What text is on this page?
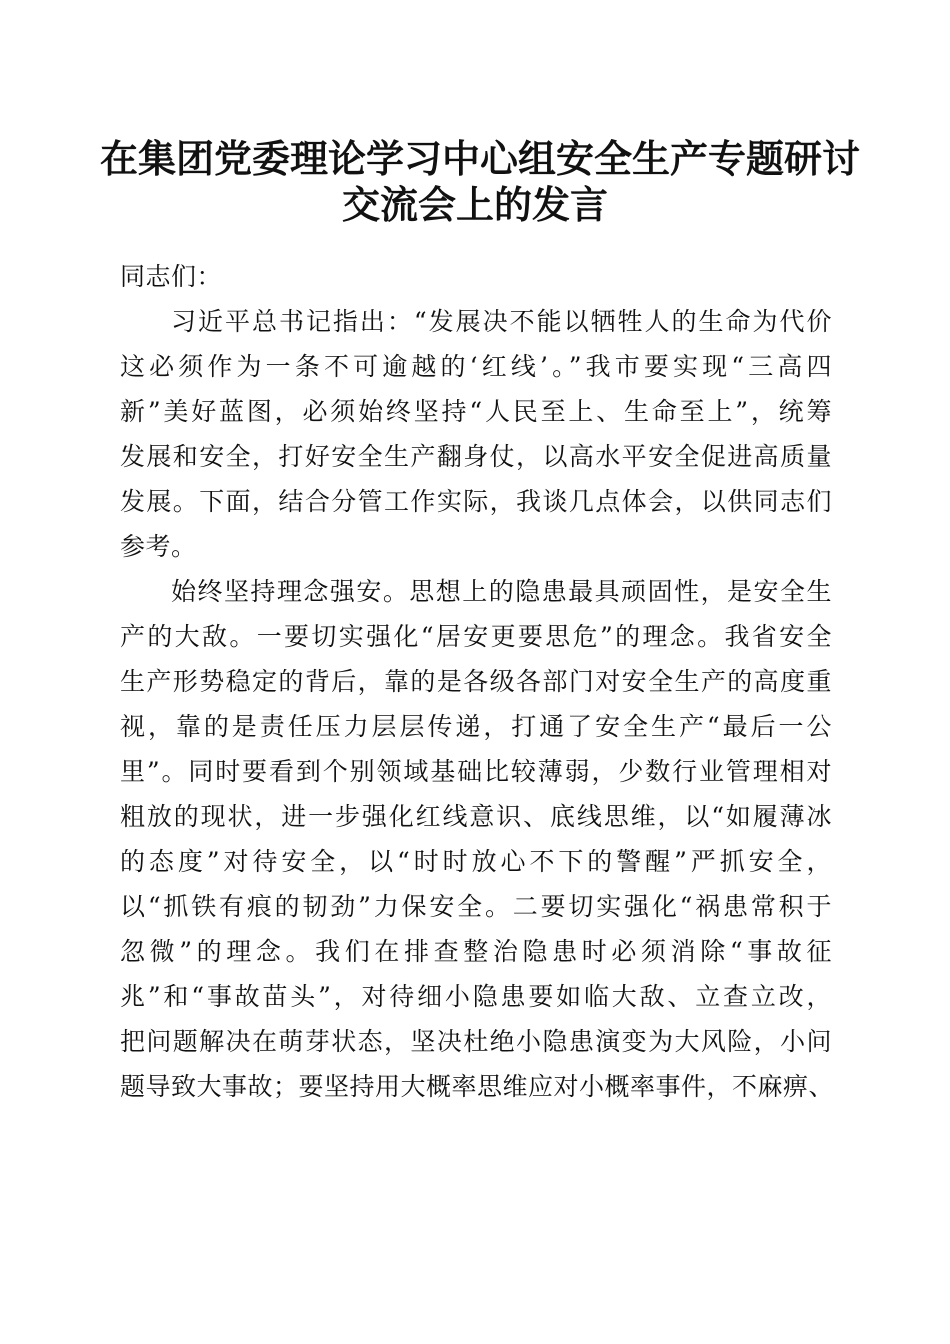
在集团党委理论学习中心组安全生产专题研讨
交流会上的发言
同志们：
习近平总书记指出：“发展决不能以牺牲人的生命为代价
这必须作为一条不可逾越的‘红线’。”我市要实现“三高四
新”美好蓝图，必须始终坚持“人民至上、生命至上”，统筹
发展和安全，打好安全生产翻身仗，以高水平安全促进高质量
发展。下面，结合分管工作实际，我谈几点体会，以供同志们
参考。
始终坚持理念强安。思想上的隐患最具顽固性，是安全生
产的大敌。一要切实强化“居安更要思危”的理念。我省安全
生产形势稳定的背后，靠的是各级各部门对安全生产的高度重
视，靠的是责任压力层层传递，打通了安全生产“最后一公
里”。同时要看到个别领域基础比较薄弱，少数行业管理相对
粗放的现状，进一步强化红线意识、底线思维，以“如履薄冰
的态度”对待安全，以“时时放心不下的警醒”严抓安全，
以“抓铁有痕的韧劲”力保安全。二要切实强化“祸患常积于
忽微”的理念。我们在排查整治隐患时必须消除“事故征
兆”和“事故苗头”，对待细小隐患要如临大敌、立查立改，
把问题解决在萌芽状态，坚决杜绝小隐患演变为大风险，小问
题导致大事故；要坚持用大概率思维应对小概率事件，不麻痹、
